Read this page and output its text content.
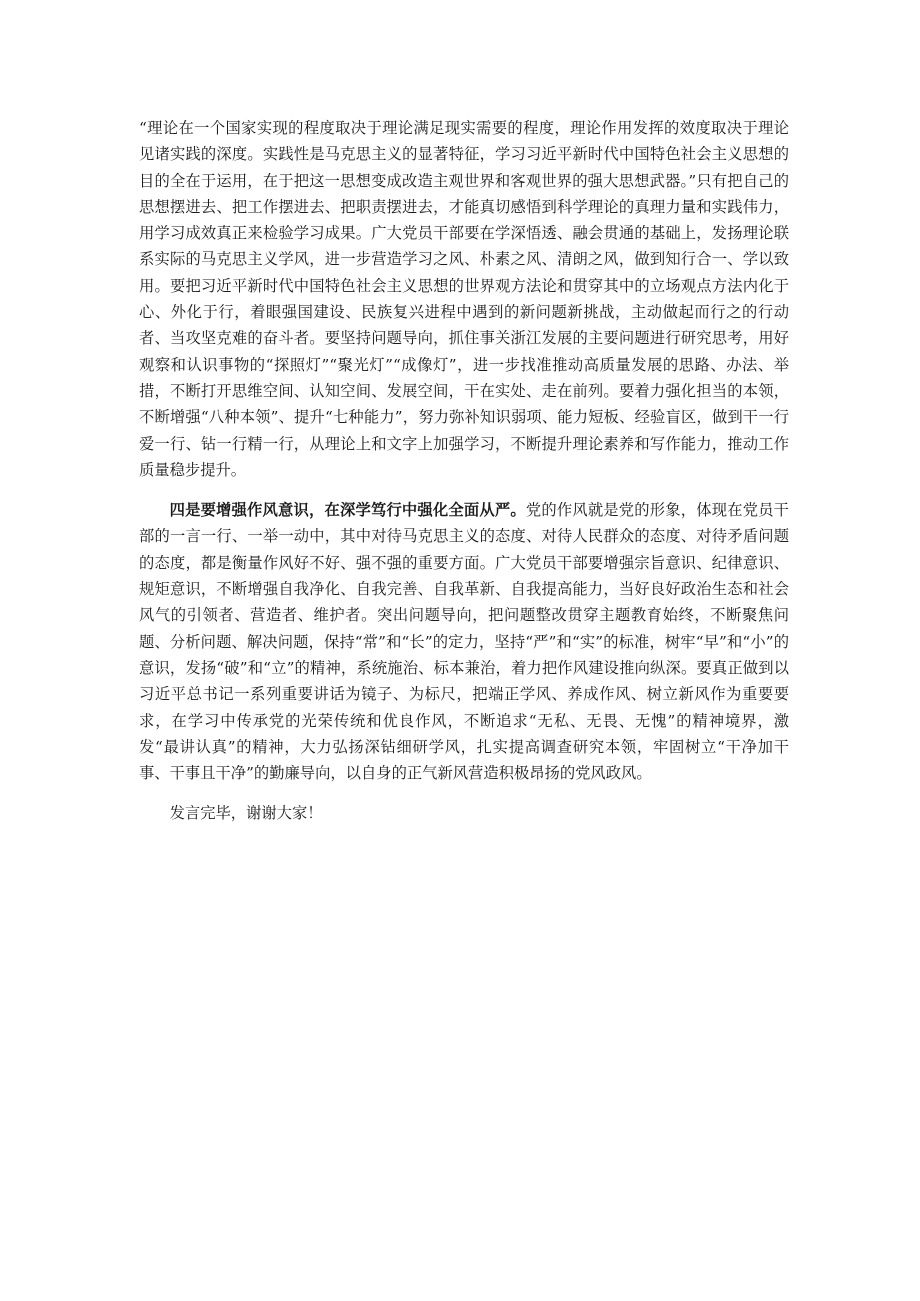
“理论在一个国家实现的程度取决于理论满足现实需要的程度，理论作用发挥的效度取决于理论见诸实践的深度。实践性是马克思主义的显著特征，学习习近平新时代中国特色社会主义思想的目的全在于运用，在于把这一思想变成改造主观世界和客观世界的强大思想武器。”只有把自己的思想摆进去、把工作摆进去、把职责摆进去，才能真切感悟到科学理论的真理力量和实践伟力，用学习成效真正来检验学习成果。广大党员干部要在学深悟透、融会贯通的基础上，发扬理论联系实际的马克思主义学风，进一步营造学习之风、朴素之风、清朗之风，做到知行合一、学以致用。要把习近平新时代中国特色社会主义思想的世界观方法论和贯穿其中的立场观点方法内化于心、外化于行，着眼强国建设、民族复兴进程中遇到的新问题新挑战，主动做起而行之的行动者、当攻坚克难的奋斗者。要坚持问题导向，抓住事关浙江发展的主要问题进行研究思考，用好观察和认识事物的“探照灯”“聚光灯”“成像灯”，进一步找准推动高质量发展的思路、办法、举措，不断打开思维空间、认知空间、发展空间，干在实处、走在前列。要着力强化担当的本领，不断增强“八种本领”、提升“七种能力”，努力弥补知识弱项、能力短板、经验盲区，做到干一行爱一行、钻一行精一行，从理论上和文字上加强学习，不断提升理论素养和写作能力，推动工作质量稳步提升。

四是要增强作风意识，在深学笃行中强化全面从严。党的作风就是党的形象，体现在党员干部的一言一行、一举一动中，其中对待马克思主义的态度、对待人民群众的态度、对待矛盾问题的态度，都是衡量作风好不好、强不强的重要方面。广大党员干部要增强宗旨意识、纪律意识、规矩意识，不断增强自我净化、自我完善、自我革新、自我提高能力，当好良好政治生态和社会风气的引领者、营造者、维护者。突出问题导向，把问题整改贯穿主题教育始终，不断聚焦问题、分析问题、解决问题，保持“常”和“长”的定力，坚持“严”和“实”的标准，树牢“早”和“小”的意识，发扬“破”和“立”的精神，系统施治、标本兼治，着力把作风建设推向纵深。要真正做到以习近平总书记一系列重要讲话为镜子、为标尺，把端正学风、养成作风、树立新风作为重要要求，在学习中传承党的光荣传统和优良作风，不断追求“无私、无畏、无愧”的精神境界，激发“最讲认真”的精神，大力弘扬深钻细研学风，扎实提高调查研究本领，牢固树立“干净加干事、干事且干净”的勤廉导向，以自身的正气新风营造积极昂扬的党风政风。

发言完毕，谢谢大家！
